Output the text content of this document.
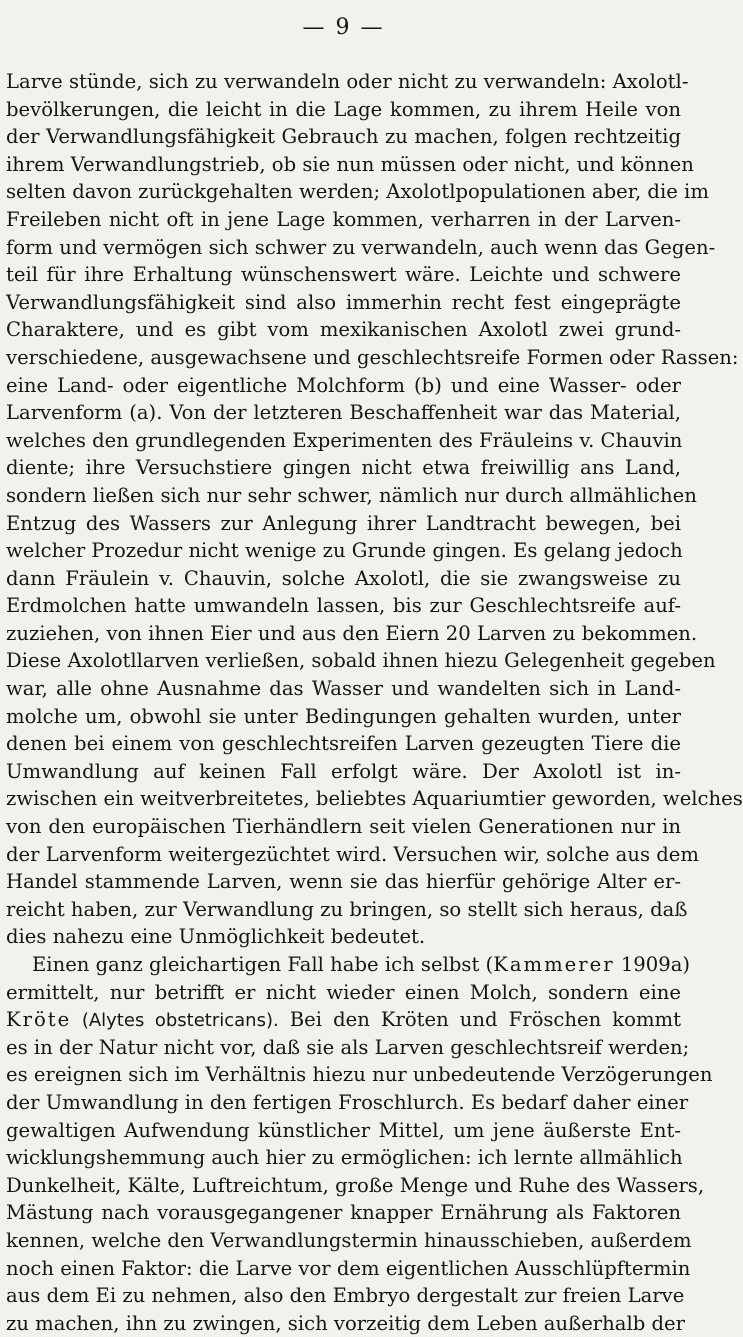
— 9 —
Larve stünde, sich zu verwandeln oder nicht zu verwandeln: Axolotl-
bevölkerungen, die leicht in die Lage kommen, zu ihrem Heile von
der Verwandlungsfähigkeit Gebrauch zu machen, folgen rechtzeitig
ihrem Verwandlungstrieb, ob sie nun müssen oder nicht, und können
selten davon zurückgehalten werden; Axolotlpopulationen aber, die im
Freileben nicht oft in jene Lage kommen, verharren in der Larven-
form und vermögen sich schwer zu verwandeln, auch wenn das Gegen-
teil für ihre Erhaltung wünschenswert wäre. Leichte und schwere
Verwandlungsfähigkeit sind also immerhin recht fest eingeprägte
Charaktere, und es gibt vom mexikanischen Axolotl zwei grund-
verschiedene, ausgewachsene und geschlechtsreife Formen oder Rassen:
eine Land- oder eigentliche Molchform (b) und eine Wasser- oder
Larvenform (a). Von der letzteren Beschaffenheit war das Material,
welches den grundlegenden Experimenten des Fräuleins v. Chauvin
diente; ihre Versuchstiere gingen nicht etwa freiwillig ans Land,
sondern ließen sich nur sehr schwer, nämlich nur durch allmählichen
Entzug des Wassers zur Anlegung ihrer Landtracht bewegen, bei
welcher Prozedur nicht wenige zu Grunde gingen. Es gelang jedoch
dann Fräulein v. Chauvin, solche Axolotl, die sie zwangsweise zu
Erdmolchen hatte umwandeln lassen, bis zur Geschlechtsreife auf-
zuziehen, von ihnen Eier und aus den Eiern 20 Larven zu bekommen.
Diese Axolotllarven verließen, sobald ihnen hiezu Gelegenheit gegeben
war, alle ohne Ausnahme das Wasser und wandelten sich in Land-
molche um, obwohl sie unter Bedingungen gehalten wurden, unter
denen bei einem von geschlechtsreifen Larven gezeugten Tiere die
Umwandlung auf keinen Fall erfolgt wäre. Der Axolotl ist in-
zwischen ein weitverbreitetes, beliebtes Aquariumtier geworden, welches
von den europäischen Tierhändlern seit vielen Generationen nur in
der Larvenform weitergezüchtet wird. Versuchen wir, solche aus dem
Handel stammende Larven, wenn sie das hierfür gehörige Alter er-
reicht haben, zur Verwandlung zu bringen, so stellt sich heraus, daß
dies nahezu eine Unmöglichkeit bedeutet.
Einen ganz gleichartigen Fall habe ich selbst (Kammerer 1909a)
ermittelt, nur betrifft er nicht wieder einen Molch, sondern eine
Kröte (Alytes obstetricans). Bei den Kröten und Fröschen kommt
es in der Natur nicht vor, daß sie als Larven geschlechtsreif werden;
es ereignen sich im Verhältnis hiezu nur unbedeutende Verzögerungen
der Umwandlung in den fertigen Froschlurch. Es bedarf daher einer
gewaltigen Aufwendung künstlicher Mittel, um jene äußerste Ent-
wicklungshemmung auch hier zu ermöglichen: ich lernte allmählich
Dunkelheit, Kälte, Luftreichtum, große Menge und Ruhe des Wassers,
Mästung nach vorausgegangener knapper Ernährung als Faktoren
kennen, welche den Verwandlungstermin hinausschieben, außerdem
noch einen Faktor: die Larve vor dem eigentlichen Ausschlüpftermin
aus dem Ei zu nehmen, also den Embryo dergestalt zur freien Larve
zu machen, ihn zu zwingen, sich vorzeitig dem Leben außerhalb der
